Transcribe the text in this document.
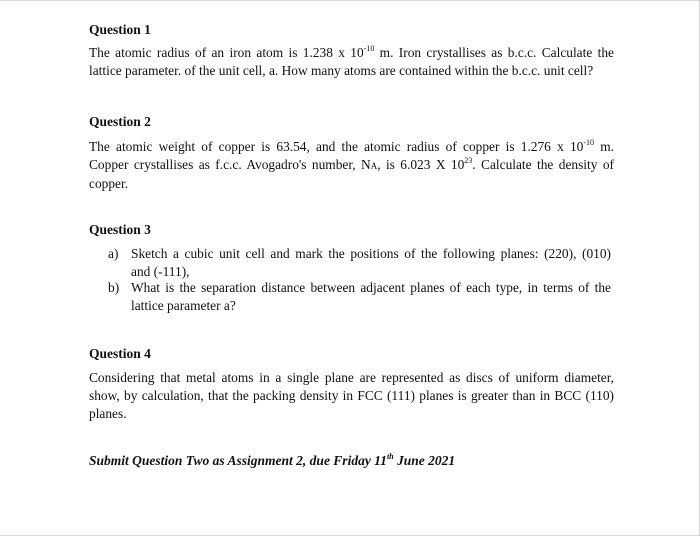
Question 1
The atomic radius of an iron atom is 1.238 x $10^{-10}$ m. Iron crystallises as b.c.c. Calculate the
lattice parameter. of the unit cell, a. How many atoms are contained within the b.c.c. unit cell?
Question 2
The atomic weight of copper is 63.54, and the atomic radius of copper is 1.276 x $10^{-10}$ m.
Copper crystallises as f.c.c. Avogadro's number, NA, is 6.023 X $10^{23}$. Calculate the density of
copper.
Question 3
a) Sketch a cubic unit cell and mark the positions of the following planes: (220), (010)
and (-111),
b) What is the separation distance between adjacent planes of each type, in terms of the
lattice parameter a?
Question 4
Considering that metal atoms in a single plane are represented as discs of uniform diameter,
show, by calculation, that the packing density in FCC (111) planes is greater than in BCC (110)
planes.
Submit Question Two as Assignment 2, due Friday 11th June 2021
